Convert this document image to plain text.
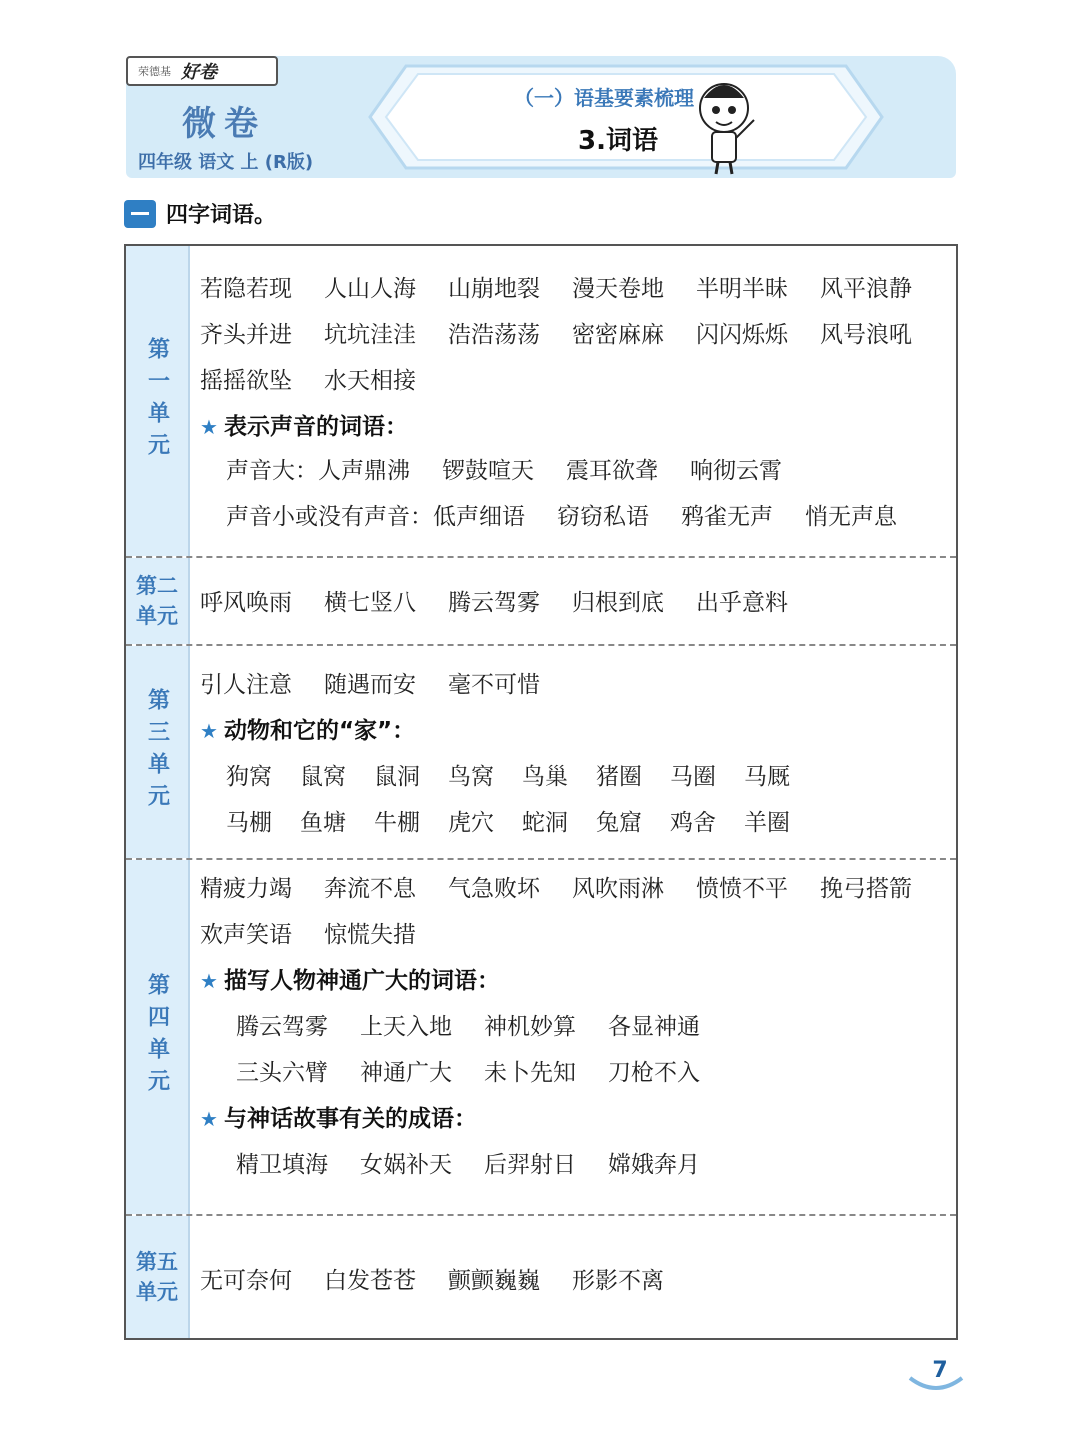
荣德基 好卷
微卷
四年级 语文 上 (R版)
（一）语基要素梳理
3.词语
四字词语。
第一单元
若隐若现 人山人海 山崩地裂 漫天卷地 半明半昧 风平浪静
齐头并进 坑坑洼洼 浩浩荡荡 密密麻麻 闪闪烁烁 风号浪吼
摇摇欲坠 水天相接
★ 表示声音的词语：
声音大：人声鼎沸 锣鼓喧天 震耳欲聋 响彻云霄
声音小或没有声音：低声细语 窃窃私语 鸦雀无声 悄无声息
第二
单元 呼风唤雨 横七竖八 腾云驾雾 归根到底 出乎意料
第三单元
引人注意 随遇而安 毫不可惜
★ 动物和它的“家”：
狗窝 鼠窝 鼠洞 鸟窝 鸟巢 猪圈 马圈 马厩
马棚 鱼塘 牛棚 虎穴 蛇洞 兔窟 鸡舍 羊圈
第四单元
精疲力竭 奔流不息 气急败坏 风吹雨淋 愤愤不平 挽弓搭箭
欢声笑语 惊慌失措
★ 描写人物神通广大的词语：
腾云驾雾 上天入地 神机妙算 各显神通
三头六臂 神通广大 未卜先知 刀枪不入
★ 与神话故事有关的成语：
精卫填海 女娲补天 后羿射日 嫦娥奔月
第五
单元 无可奈何 白发苍苍 颤颤巍巍 形影不离
7
